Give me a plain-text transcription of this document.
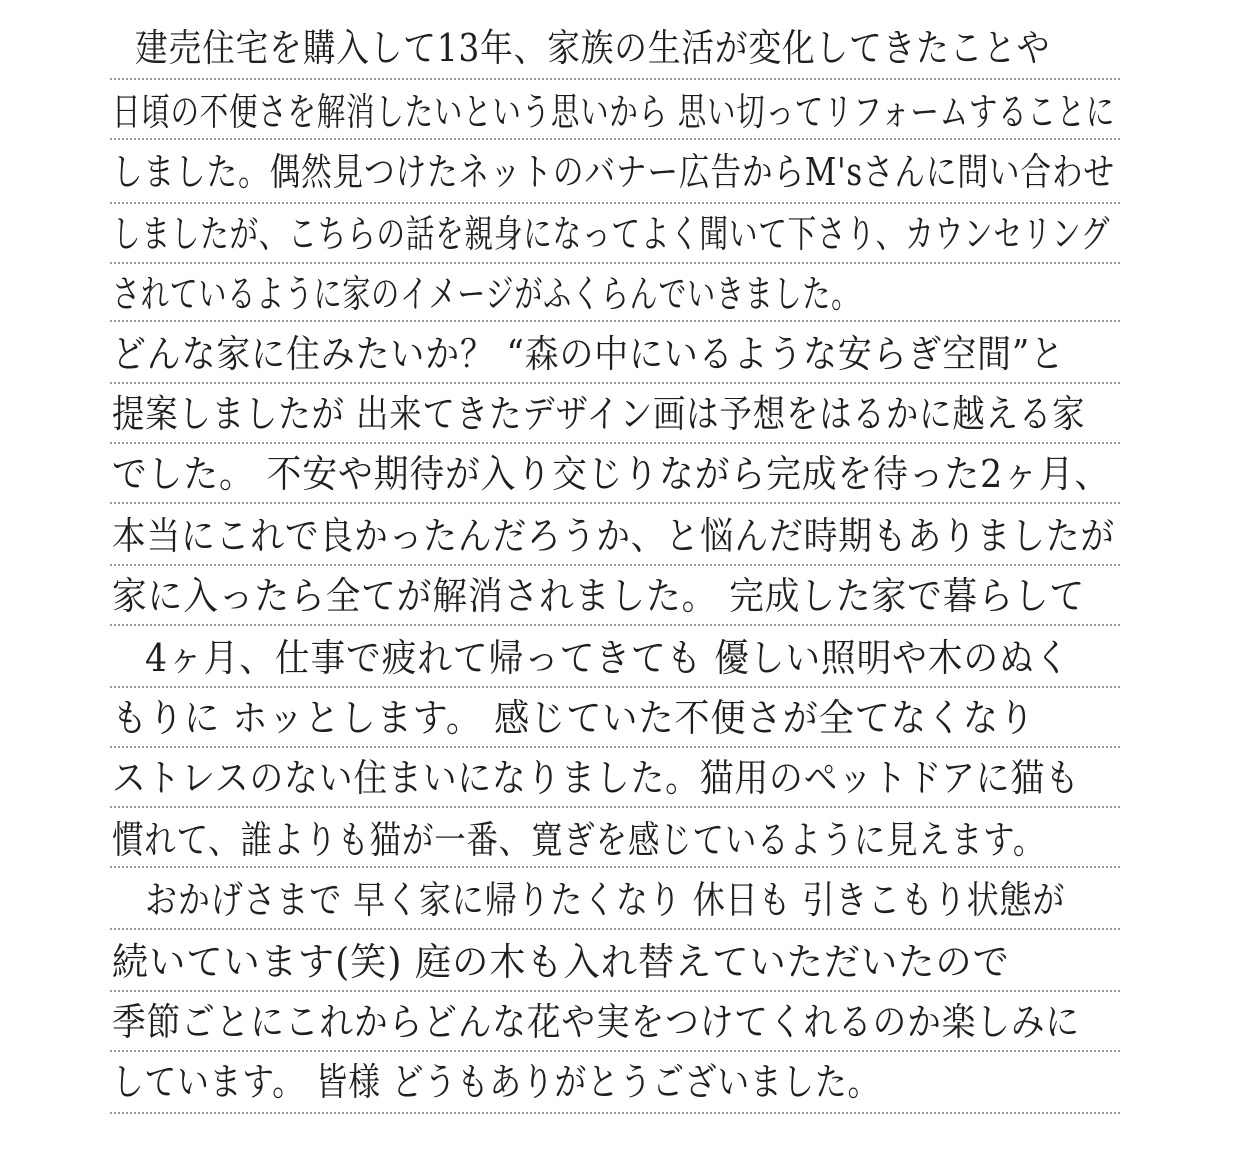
建売住宅を購入して13年、家族の生活が変化してきたことや
日頃の不便さを解消したいという思いから 思い切ってリフォームすることに
しました。偶然見つけたネットのバナー広告からM'sさんに問い合わせ
しましたが、こちらの話を親身になってよく聞いて下さり、カウンセリング
されているように家のイメージがふくらんでいきました。
どんな家に住みたいか？ “森の中にいるような安らぎ空間”と
提案しましたが 出来てきたデザイン画は予想をはるかに越える家
でした。 不安や期待が入り交じりながら完成を待った2ヶ月、
本当にこれで良かったんだろうか、と悩んだ時期もありましたが
家に入ったら全てが解消されました。 完成した家で暮らして
4ヶ月、仕事で疲れて帰ってきても 優しい照明や木のぬく
もりに ホッとします。 感じていた不便さが全てなくなり
ストレスのない住まいになりました。猫用のペットドアに猫も
慣れて、誰よりも猫が一番、寛ぎを感じているように見えます。
おかげさまで 早く家に帰りたくなり 休日も 引きこもり状態が
続いています(笑) 庭の木も入れ替えていただいたので
季節ごとにこれからどんな花や実をつけてくれるのか楽しみに
しています。 皆様 どうもありがとうございました。
